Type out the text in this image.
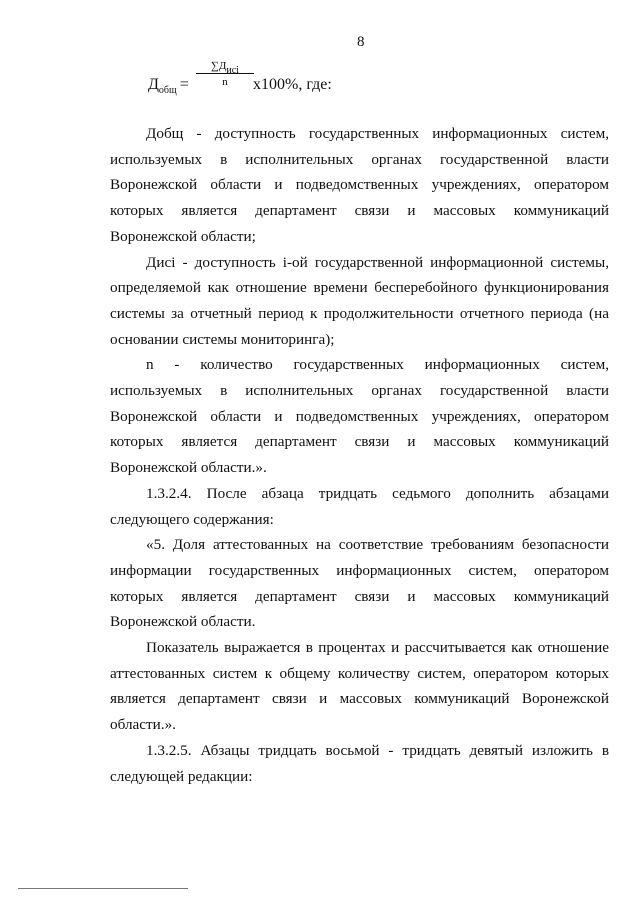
8
$Д_{общ}$ =
$\sum Д_{исi}$
n	x100%, где:

Добщ - доступность государственных информационных систем, используемых в исполнительных органах государственной власти Воронежской области и подведомственных учреждениях, оператором которых является департамент связи и массовых коммуникаций Воронежской области;

Дисi - доступность i-ой государственной информационной системы, определяемой как отношение времени бесперебойного функционирования системы за отчетный период к продолжительности отчетного периода (на основании системы мониторинга);

n - количество государственных информационных систем, используемых в исполнительных органах государственной власти Воронежской области и подведомственных учреждениях, оператором которых является департамент связи и массовых коммуникаций Воронежской области.».

1.3.2.4. После абзаца тридцать седьмого дополнить абзацами следующего содержания:

«5. Доля аттестованных на соответствие требованиям безопасности информации государственных информационных систем, оператором которых является департамент связи и массовых коммуникаций Воронежской области.

Показатель выражается в процентах и рассчитывается как отношение аттестованных систем к общему количеству систем, оператором которых является департамент связи и массовых коммуникаций Воронежской области.».

1.3.2.5. Абзацы тридцать восьмой - тридцать девятый изложить в следующей редакции:
